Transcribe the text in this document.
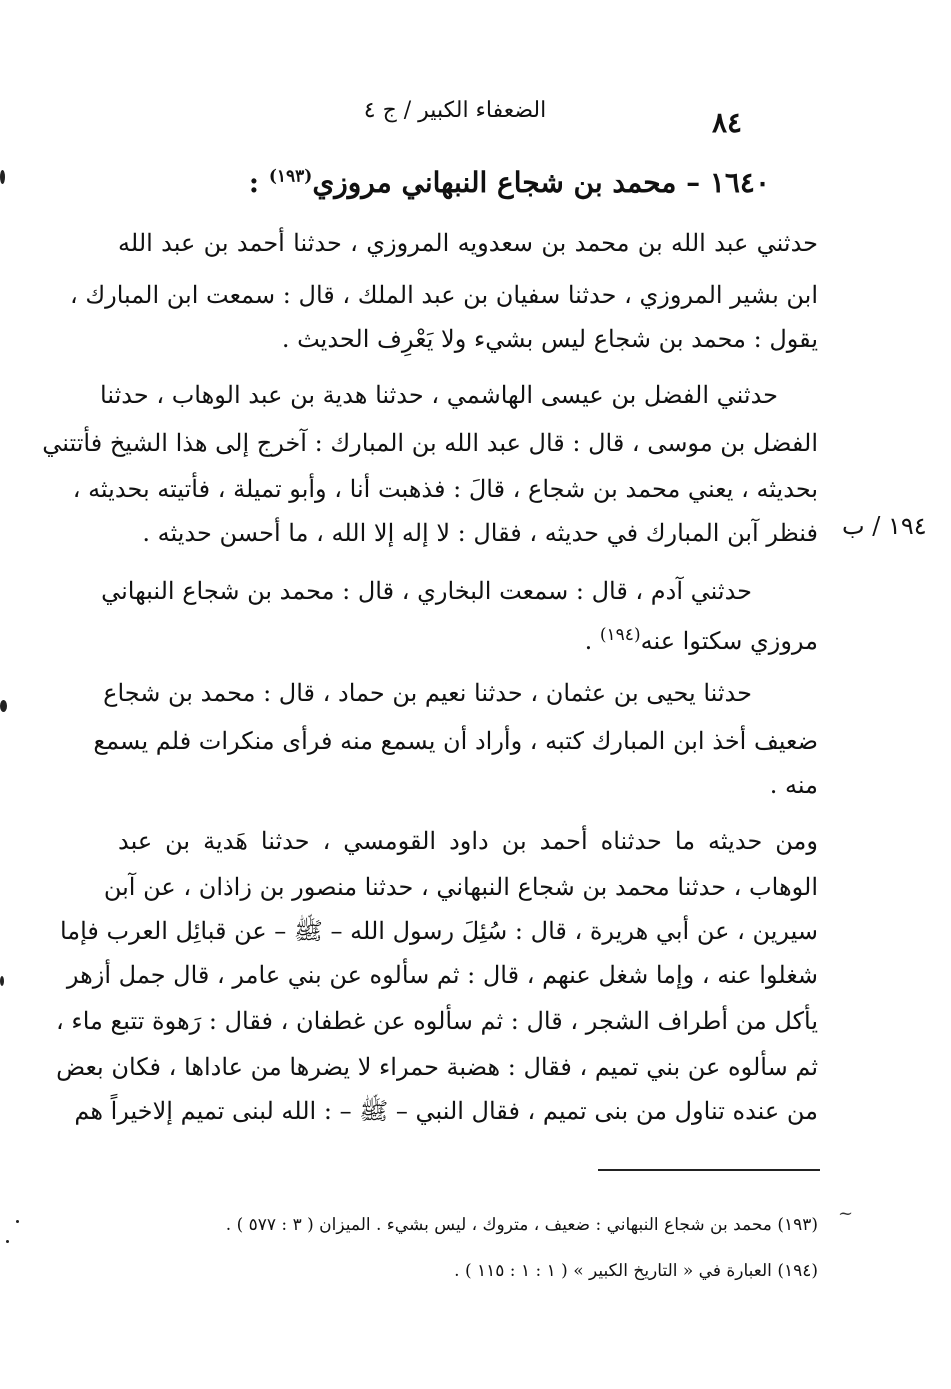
الضعفاء الكبير / ج ٤	٨٤
١٦٤٠ – محمد بن شجاع النبهاني مروزي$^{(١٩٣)}$ :
حدثني عبد الله بن محمد بن سعدويه المروزي ، حدثنا أحمد بن عبد الله
ابن بشير المروزي ، حدثنا سفيان بن عبد الملك ، قال : سمعت ابن المبارك ،
يقول : محمد بن شجاع ليس بشيء ولا يَعْرِف الحديث .
حدثني الفضل بن عيسى الهاشمي ، حدثنا هدية بن عبد الوهاب ، حدثنا
الفضل بن موسى ، قال : قال عبد الله بن المبارك : آخرج إلى هذا الشيخ فأتتني
بحديثه ، يعني محمد بن شجاع ، قالَ : فذهبت أنا ، وأبو تميلة ، فأتيته بحديثه ،
فنظر آبن المبارك في حديثه ، فقال : لا إله إلا الله ، ما أحسن حديثه . ١٩٤ / ب
حدثني آدم ، قال : سمعت البخاري ، قال : محمد بن شجاع النبهاني
مروزي سكتوا عنه$^{(١٩٤)}$ .
حدثنا يحيى بن عثمان ، حدثنا نعيم بن حماد ، قال : محمد بن شجاع
ضعيف أخذ ابن المبارك كتبه ، وأراد أن يسمع منه فرأى منكرات فلم يسمع
منه .
ومن حديثه ما حدثناه أحمد بن داود القومسي ، حدثنا هَدية بن عبد
الوهاب ، حدثنا محمد بن شجاع النبهاني ، حدثنا منصور بن زاذان ، عن آبن
سيرين ، عن أبي هريرة ، قال : سُئِلَ رسول الله – ﷺ – عن قبائِل العرب فإما
شغلوا عنه ، وإما شغل عنهم ، قال : ثم سألوه عن بني عامر ، قال جمل أزهر
يأكل من أطراف الشجر ، قال : ثم سألوه عن غطفان ، فقال : رَهوة تتبع ماء ،
ثم سألوه عن بني تميم ، فقال : هضبة حمراء لا يضرها من عاداها ، فكان بعض
من عنده تناول من بنى تميم ، فقال النبي – ﷺ – : الله لبنى تميم إلاخيراً هم
(١٩٣) محمد بن شجاع النبهاني : ضعيف ، متروك ، ليس بشيء . الميزان ( ٣ : ٥٧٧ ) .
(١٩٤) العبارة في « التاريخ الكبير » ( ١ : ١ : ١١٥ ) .
~
